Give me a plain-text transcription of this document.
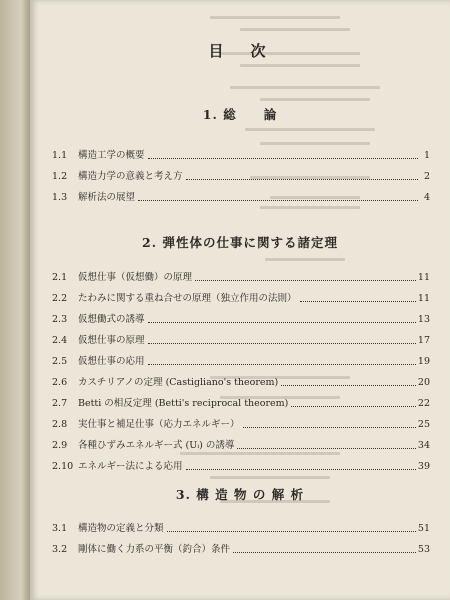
目　次
1. 総　　論
1.1	構造工学の概要	1
1.2	構造力学の意義と考え方	2
1.3	解析法の展望	4
2. 弾性体の仕事に関する諸定理
2.1	仮想仕事（仮想働）の原理	11
2.2	たわみに関する重ね合せの原理（独立作用の法則）	11
2.3	仮想働式の誘導	13
2.4	仮想仕事の原理	17
2.5	仮想仕事の応用	19
2.6	カスチリアノの定理 (Castigliano's theorem)	20
2.7	Betti の相反定理 (Betti's reciprocal theorem)	22
2.8	実仕事と補足仕事（応力エネルギー）	25
2.9	各種ひずみエネルギー式 (Uᵢ) の誘導	34
2.10 エネルギー法による応用	39
3. 構 造 物 の 解 析
3.1	構造物の定義と分類	51
3.2	剛体に働く力系の平衡（釣合）条件	53
